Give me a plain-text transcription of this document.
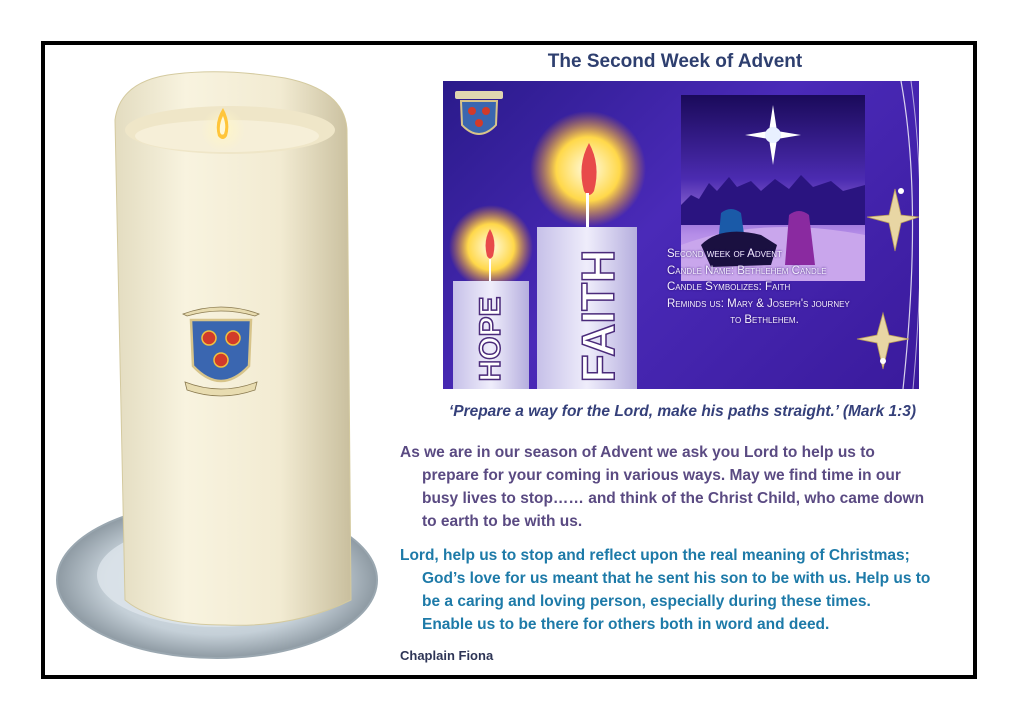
The Second Week of Advent
HOPE FAITH	Second week of Advent
Candle Name: Bethlehem Candle
Candle Symbolizes: Faith
Reminds us: Mary & Joseph's journey
to Bethlehem.
‘Prepare a way for the Lord, make his paths straight.’ (Mark 1:3)
As we are in our season of Advent we ask you Lord to help us to
prepare for your coming in various ways. May we find time in our
busy lives to stop…… and think of the Christ Child, who came down
to earth to be with us.
Lord, help us to stop and reflect upon the real meaning of Christmas;
God’s love for us meant that he sent his son to be with us. Help us to
be a caring and loving person, especially during these times.
Enable us to be there for others both in word and deed.
Chaplain Fiona
